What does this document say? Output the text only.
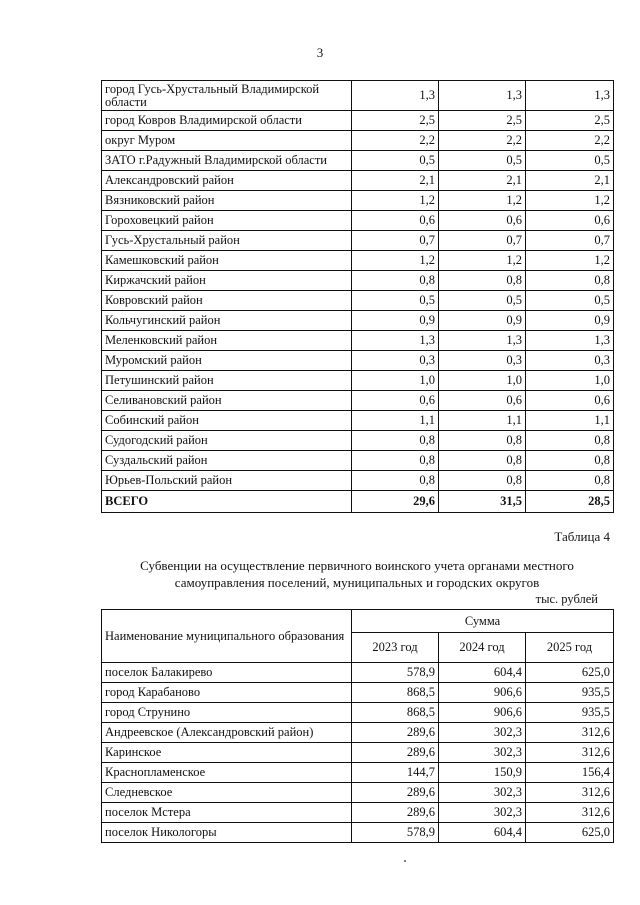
3
город Гусь-Хрустальный Владимирской области	1,3	1,3	1,3
город Ковров Владимирской области	2,5	2,5	2,5
округ Муром	2,2	2,2	2,2
ЗАТО г.Радужный Владимирской области	0,5	0,5	0,5
Александровский район	2,1	2,1	2,1
Вязниковский район	1,2	1,2	1,2
Гороховецкий район	0,6	0,6	0,6
Гусь-Хрустальный район	0,7	0,7	0,7
Камешковский район	1,2	1,2	1,2
Киржачский район	0,8	0,8	0,8
Ковровский район	0,5	0,5	0,5
Кольчугинский район	0,9	0,9	0,9
Меленковский район	1,3	1,3	1,3
Муромский район	0,3	0,3	0,3
Петушинский район	1,0	1,0	1,0
Селивановский район	0,6	0,6	0,6
Собинский район	1,1	1,1	1,1
Судогодский район	0,8	0,8	0,8
Суздальский район	0,8	0,8	0,8
Юрьев-Польский район	0,8	0,8	0,8
ВСЕГО	29,6	31,5	28,5
Таблица 4
Субвенции на осуществление первичного воинского учета органами местного самоуправления поселений, муниципальных и городских округов
тыс. рублей
Наименование муниципального образования	Сумма		
	2023 год	2024 год	2025 год
поселок Балакирево	578,9	604,4	625,0
город Карабаново	868,5	906,6	935,5
город Струнино	868,5	906,6	935,5
Андреевское (Александровский район)	289,6	302,3	312,6
Каринское	289,6	302,3	312,6
Краснопламенское	144,7	150,9	156,4
Следневское	289,6	302,3	312,6
поселок Мстера	289,6	302,3	312,6
поселок Никологоры	578,9	604,4	625,0
